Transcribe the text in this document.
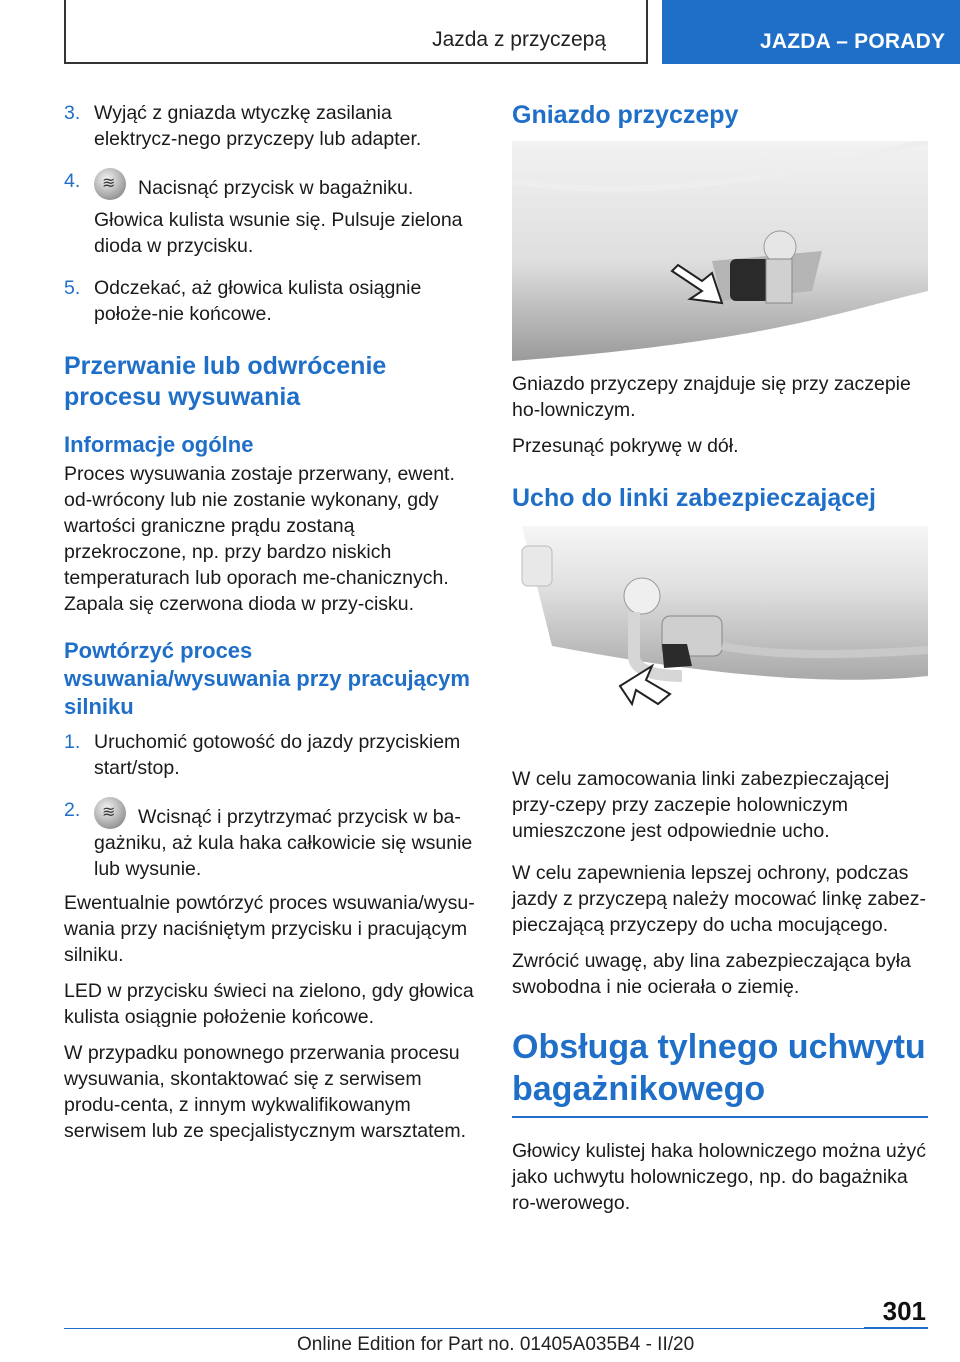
Jazda z przyczepą	JAZDA – PORADY
3. Wyjąć z gniazda wtyczkę zasilania elektrycz-nego przyczepy lub adapter.
4. ≋	Nacisnąć przycisk w bagażniku.
Głowica kulista wsunie się. Pulsuje zielona dioda w przycisku.
5. Odczekać, aż głowica kulista osiągnie położe-nie końcowe.
Przerwanie lub odwrócenie procesu wysuwania
Informacje ogólne

Proces wysuwania zostaje przerwany, ewent. od-wrócony lub nie zostanie wykonany, gdy wartości graniczne prądu zostaną przekroczone, np. przy bardzo niskich temperaturach lub oporach me-chanicznych. Zapala się czerwona dioda w przy-cisku.

Powtórzyć proces wsuwania/wysuwania przy pracującym silniku
1. Uruchomić gotowość do jazdy przyciskiem start/stop.
2. ≋	Wcisnąć i przytrzymać przycisk w ba-gażniku, aż kula haka całkowicie się wsunie lub wysunie.

Ewentualnie powtórzyć proces wsuwania/wysu-wania przy naciśniętym przycisku i pracującym silniku.

LED w przycisku świeci na zielono, gdy głowica kulista osiągnie położenie końcowe.

W przypadku ponownego przerwania procesu wysuwania, skontaktować się z serwisem produ-centa, z innym wykwalifikowanym serwisem lub ze specjalistycznym warsztatem.

Gniazdo przyczepy

Gniazdo przyczepy znajduje się przy zaczepie ho-lowniczym.

Przesunąć pokrywę w dół.

Ucho do linki zabezpieczającej

W celu zamocowania linki zabezpieczającej przy-czepy przy zaczepie holowniczym umieszczone jest odpowiednie ucho.

W celu zapewnienia lepszej ochrony, podczas jazdy z przyczepą należy mocować linkę zabez-pieczającą przyczepy do ucha mocującego.

Zwrócić uwagę, aby lina zabezpieczająca była swobodna i nie ocierała o ziemię.

Obsługa tylnego uchwytu bagażnikowego

Głowicy kulistej haka holowniczego można użyć jako uchwytu holowniczego, np. do bagażnika ro-werowego.

301
Online Edition for Part no. 01405A035B4 - II/20
